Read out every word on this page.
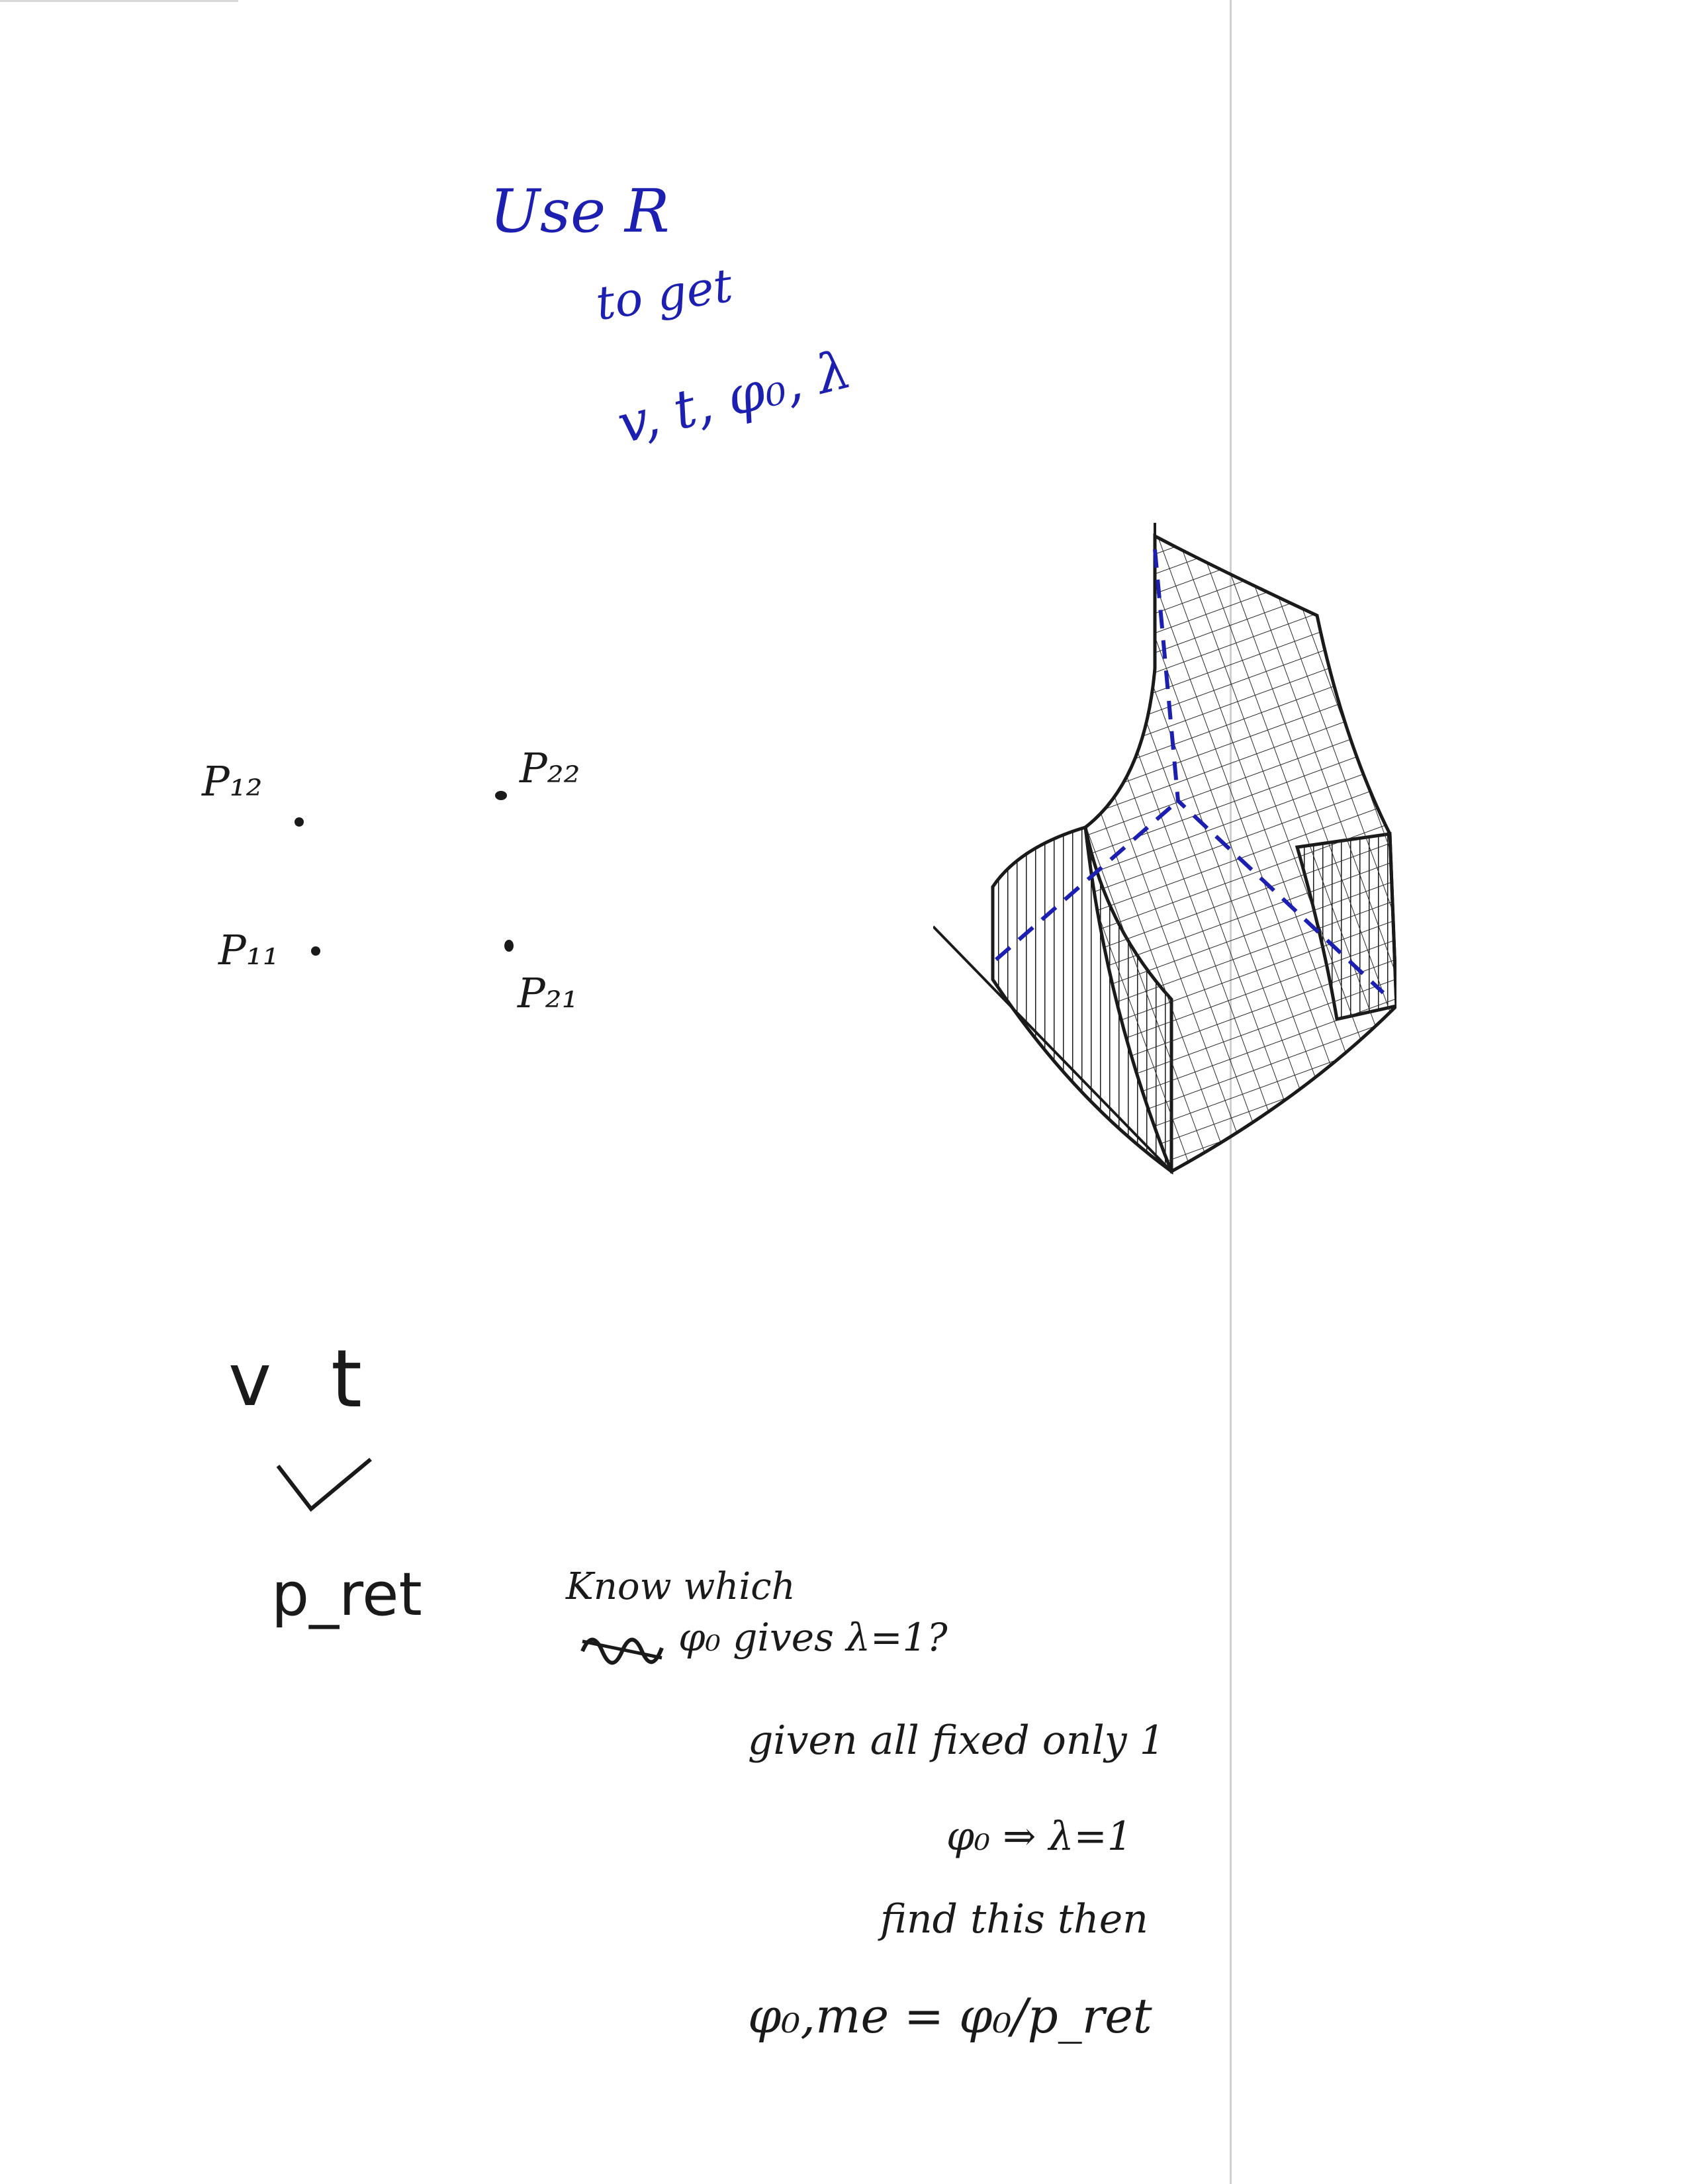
Use R

to get

v, t, φ₀, λ

P₁₂	P₂₂

P₁₁

P₂₁

v t

p_ret	Know which

φ₀ gives λ=1?

given all fixed only 1

φ₀ ⇒ λ=1

find this then

φ₀,me = φ₀/p_ret
